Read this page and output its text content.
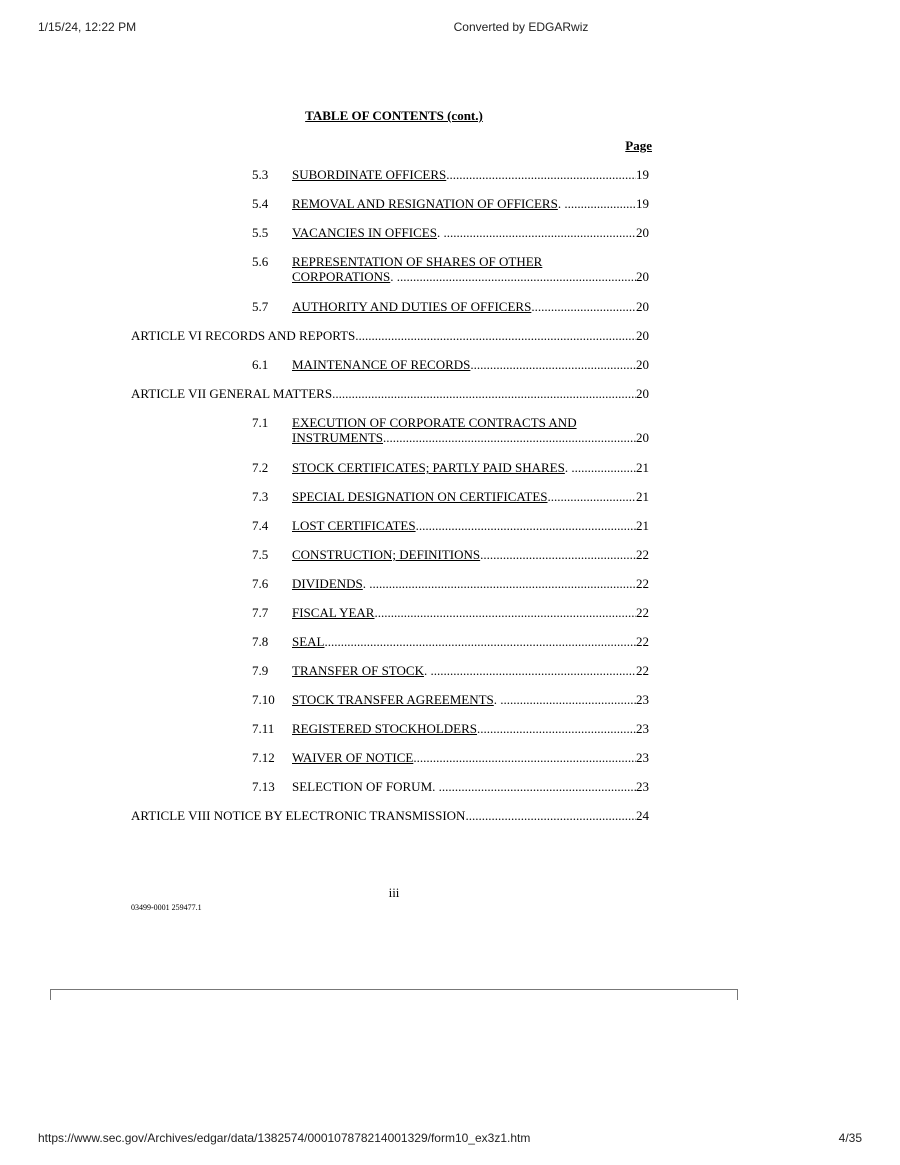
1/15/24, 12:22 PM	Converted by EDGARwiz
TABLE OF CONTENTS (cont.)
Page
5.3 SUBORDINATE OFFICERS .....	19
5.4 REMOVAL AND RESIGNATION OF OFFICERS . .....	19
5.5 VACANCIES IN OFFICES . .....	20
5.6 REPRESENTATION OF SHARES OF OTHER
CORPORATIONS . .....	20
5.7 AUTHORITY AND DUTIES OF OFFICERS .....	20
ARTICLE VI RECORDS AND REPORTS .....	20
6.1 MAINTENANCE OF RECORDS .....	20
ARTICLE VII GENERAL MATTERS .....	20
7.1 EXECUTION OF CORPORATE CONTRACTS AND
INSTRUMENTS .....	20
7.2 STOCK CERTIFICATES; PARTLY PAID SHARES . .....	21
7.3 SPECIAL DESIGNATION ON CERTIFICATES .....	21
7.4 LOST CERTIFICATES .....	21
7.5 CONSTRUCTION; DEFINITIONS .....	22
7.6 DIVIDENDS . .....	22
7.7 FISCAL YEAR .....	22
7.8 SEAL .....	22
7.9 TRANSFER OF STOCK . .....	22
7.10 STOCK TRANSFER AGREEMENTS . .....	23
7.11 REGISTERED STOCKHOLDERS .....	23
7.12 WAIVER OF NOTICE .....	23
7.13 SELECTION OF FORUM. .....	23
ARTICLE VIII NOTICE BY ELECTRONIC TRANSMISSION .....	24
iii
03499-0001 259477.1
https://www.sec.gov/Archives/edgar/data/1382574/000107878214001329/form10_ex3z1.htm	4/35
